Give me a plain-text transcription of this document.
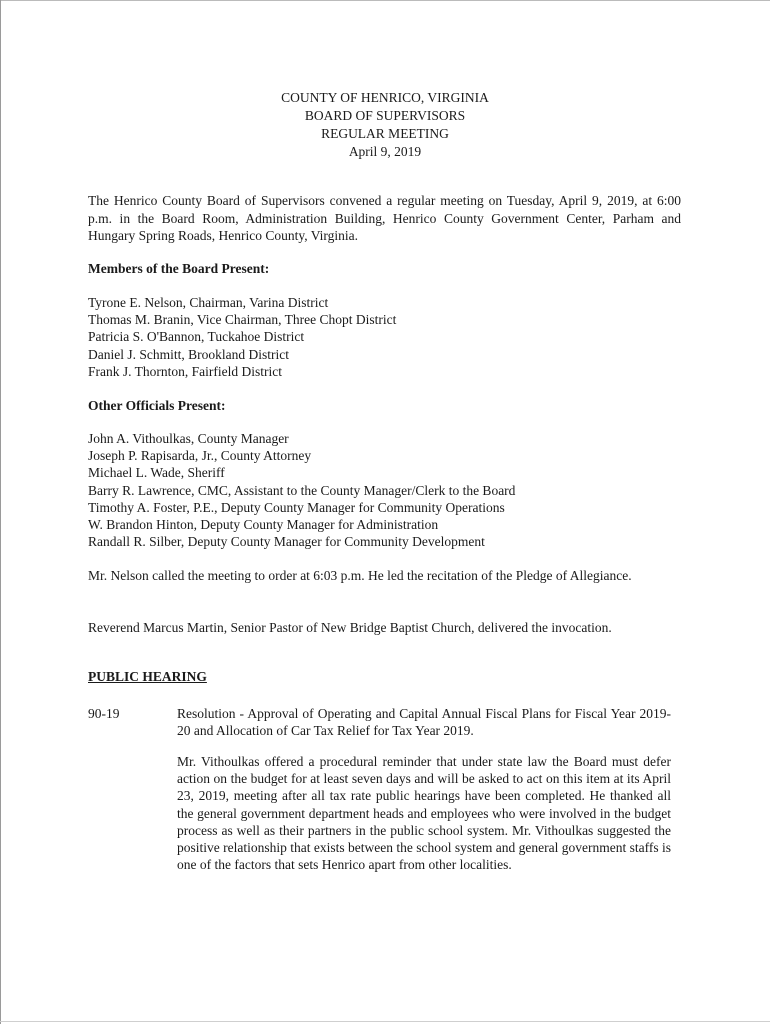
COUNTY OF HENRICO, VIRGINIA
BOARD OF SUPERVISORS
REGULAR MEETING
April 9, 2019
The Henrico County Board of Supervisors convened a regular meeting on Tuesday, April 9, 2019, at 6:00 p.m. in the Board Room, Administration Building, Henrico County Government Center, Parham and Hungary Spring Roads, Henrico County, Virginia.
Members of the Board Present:
Tyrone E. Nelson, Chairman, Varina District
Thomas M. Branin, Vice Chairman, Three Chopt District
Patricia S. O'Bannon, Tuckahoe District
Daniel J. Schmitt, Brookland District
Frank J. Thornton, Fairfield District
Other Officials Present:
John A. Vithoulkas, County Manager
Joseph P. Rapisarda, Jr., County Attorney
Michael L. Wade, Sheriff
Barry R. Lawrence, CMC, Assistant to the County Manager/Clerk to the Board
Timothy A. Foster, P.E., Deputy County Manager for Community Operations
W. Brandon Hinton, Deputy County Manager for Administration
Randall R. Silber, Deputy County Manager for Community Development
Mr. Nelson called the meeting to order at 6:03 p.m. He led the recitation of the Pledge of Allegiance.
Reverend Marcus Martin, Senior Pastor of New Bridge Baptist Church, delivered the invocation.
PUBLIC HEARING
90-19	Resolution - Approval of Operating and Capital Annual Fiscal Plans for Fiscal Year 2019-20 and Allocation of Car Tax Relief for Tax Year 2019.
Mr. Vithoulkas offered a procedural reminder that under state law the Board must defer action on the budget for at least seven days and will be asked to act on this item at its April 23, 2019, meeting after all tax rate public hearings have been completed. He thanked all the general government department heads and employees who were involved in the budget process as well as their partners in the public school system. Mr. Vithoulkas suggested the positive relationship that exists between the school system and general government staffs is one of the factors that sets Henrico apart from other localities.
